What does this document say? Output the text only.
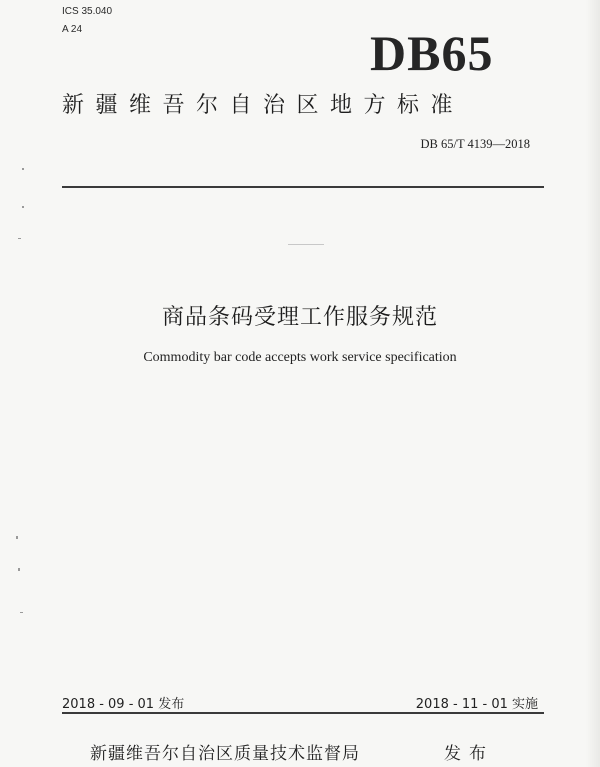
ICS 35.040
A 24	DB65
新疆维吾尔自治区地方标准
DB 65/T 4139—2018
商品条码受理工作服务规范
Commodity bar code accepts work service specification
2018 - 09 - 01 发布	2018 - 11 - 01 实施
新疆维吾尔自治区质量技术监督局	发布
